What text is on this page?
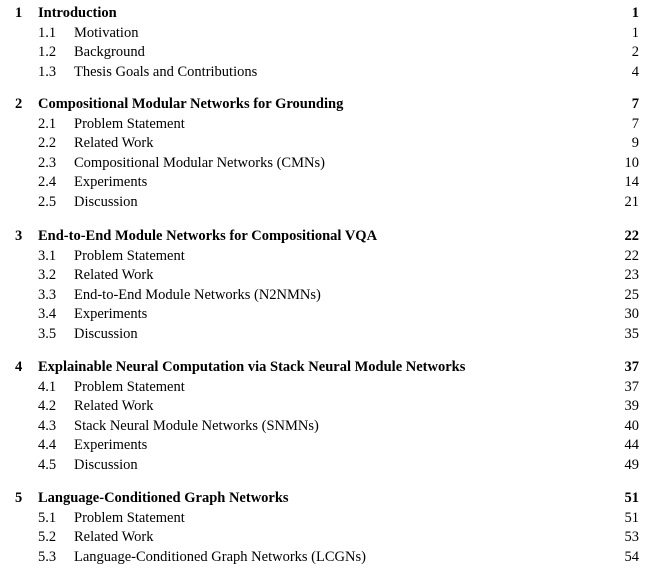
1 Introduction	1
1.1 Motivation	1
1.2 Background	2
1.3 Thesis Goals and Contributions	4
2 Compositional Modular Networks for Grounding	7
2.1 Problem Statement	7
2.2 Related Work	9
2.3 Compositional Modular Networks (CMNs)	10
2.4 Experiments	14
2.5 Discussion	21
3 End-to-End Module Networks for Compositional VQA	22
3.1 Problem Statement	22
3.2 Related Work	23
3.3 End-to-End Module Networks (N2NMNs)	25
3.4 Experiments	30
3.5 Discussion	35
4 Explainable Neural Computation via Stack Neural Module Networks	37
4.1 Problem Statement	37
4.2 Related Work	39
4.3 Stack Neural Module Networks (SNMNs)	40
4.4 Experiments	44
4.5 Discussion	49
5 Language-Conditioned Graph Networks	51
5.1 Problem Statement	51
5.2 Related Work	53
5.3 Language-Conditioned Graph Networks (LCGNs)	54
